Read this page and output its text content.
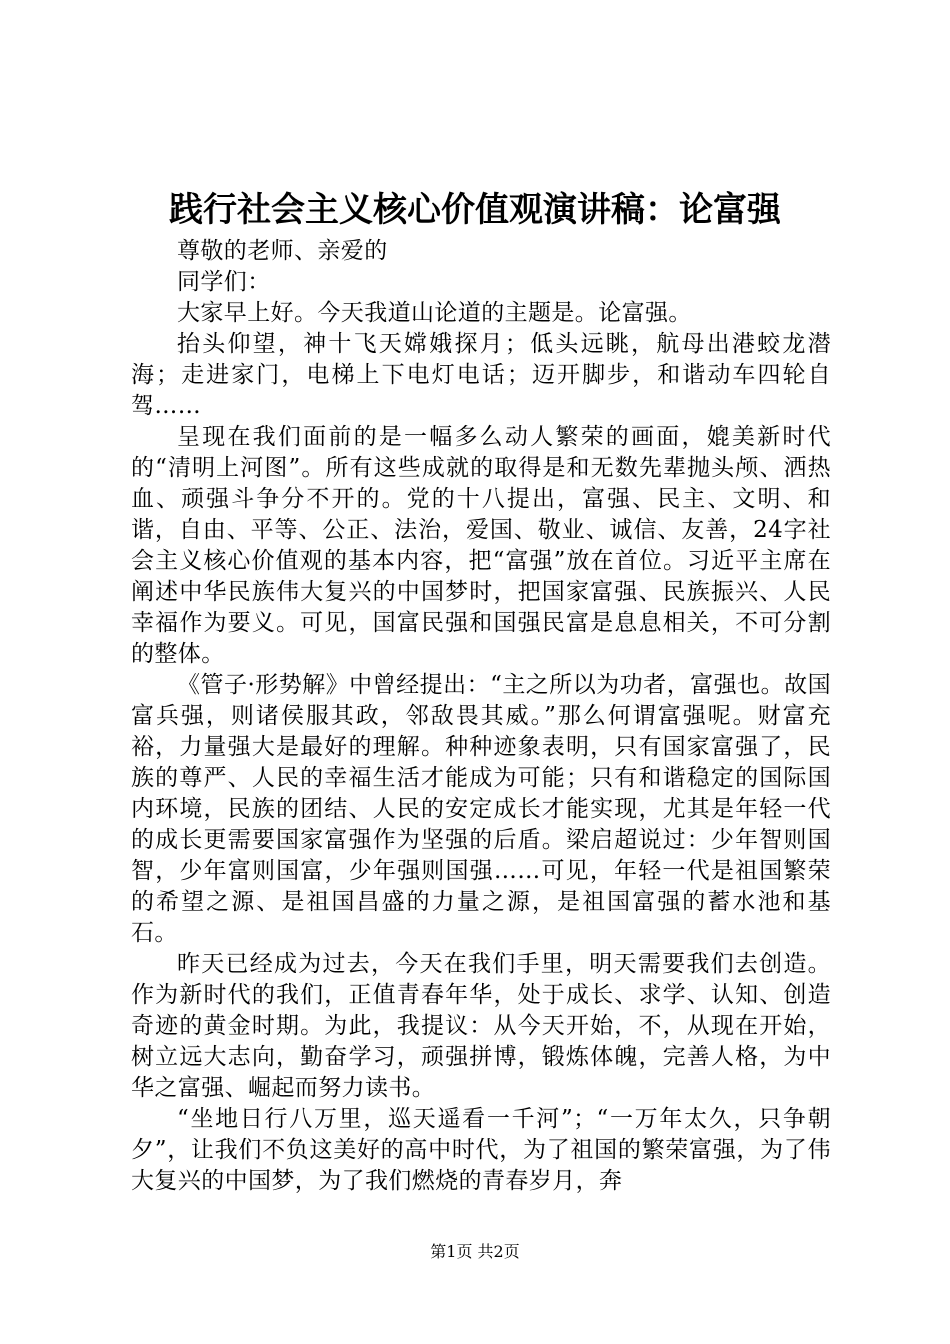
践行社会主义核心价值观演讲稿：论富强

尊敬的老师、亲爱的

同学们：

大家早上好。今天我道山论道的主题是。论富强。

抬头仰望，神十飞天嫦娥探月；低头远眺，航母出港蛟龙潜海；走进家门，电梯上下电灯电话；迈开脚步，和谐动车四轮自驾……

呈现在我们面前的是一幅多么动人繁荣的画面，媲美新时代的“清明上河图”。所有这些成就的取得是和无数先辈抛头颅、洒热血、顽强斗争分不开的。党的十八提出，富强、民主、文明、和谐，自由、平等、公正、法治，爱国、敬业、诚信、友善，24字社会主义核心价值观的基本内容，把“富强”放在首位。习近平主席在阐述中华民族伟大复兴的中国梦时，把国家富强、民族振兴、人民幸福作为要义。可见，国富民强和国强民富是息息相关，不可分割的整体。

《管子·形势解》中曾经提出：“主之所以为功者，富强也。故国富兵强，则诸侯服其政，邻敌畏其威。”那么何谓富强呢。财富充裕，力量强大是最好的理解。种种迹象表明，只有国家富强了，民族的尊严、人民的幸福生活才能成为可能；只有和谐稳定的国际国内环境，民族的团结、人民的安定成长才能实现，尤其是年轻一代的成长更需要国家富强作为坚强的后盾。梁启超说过：少年智则国智，少年富则国富，少年强则国强……可见，年轻一代是祖国繁荣的希望之源、是祖国昌盛的力量之源，是祖国富强的蓄水池和基石。

昨天已经成为过去，今天在我们手里，明天需要我们去创造。作为新时代的我们，正值青春年华，处于成长、求学、认知、创造奇迹的黄金时期。为此，我提议：从今天开始，不，从现在开始，树立远大志向，勤奋学习，顽强拼博，锻炼体魄，完善人格，为中华之富强、崛起而努力读书。

“坐地日行八万里，巡天遥看一千河”；“一万年太久，只争朝夕”，让我们不负这美好的高中时代，为了祖国的繁荣富强，为了伟大复兴的中国梦，为了我们燃烧的青春岁月，奔

第1页 共2页
